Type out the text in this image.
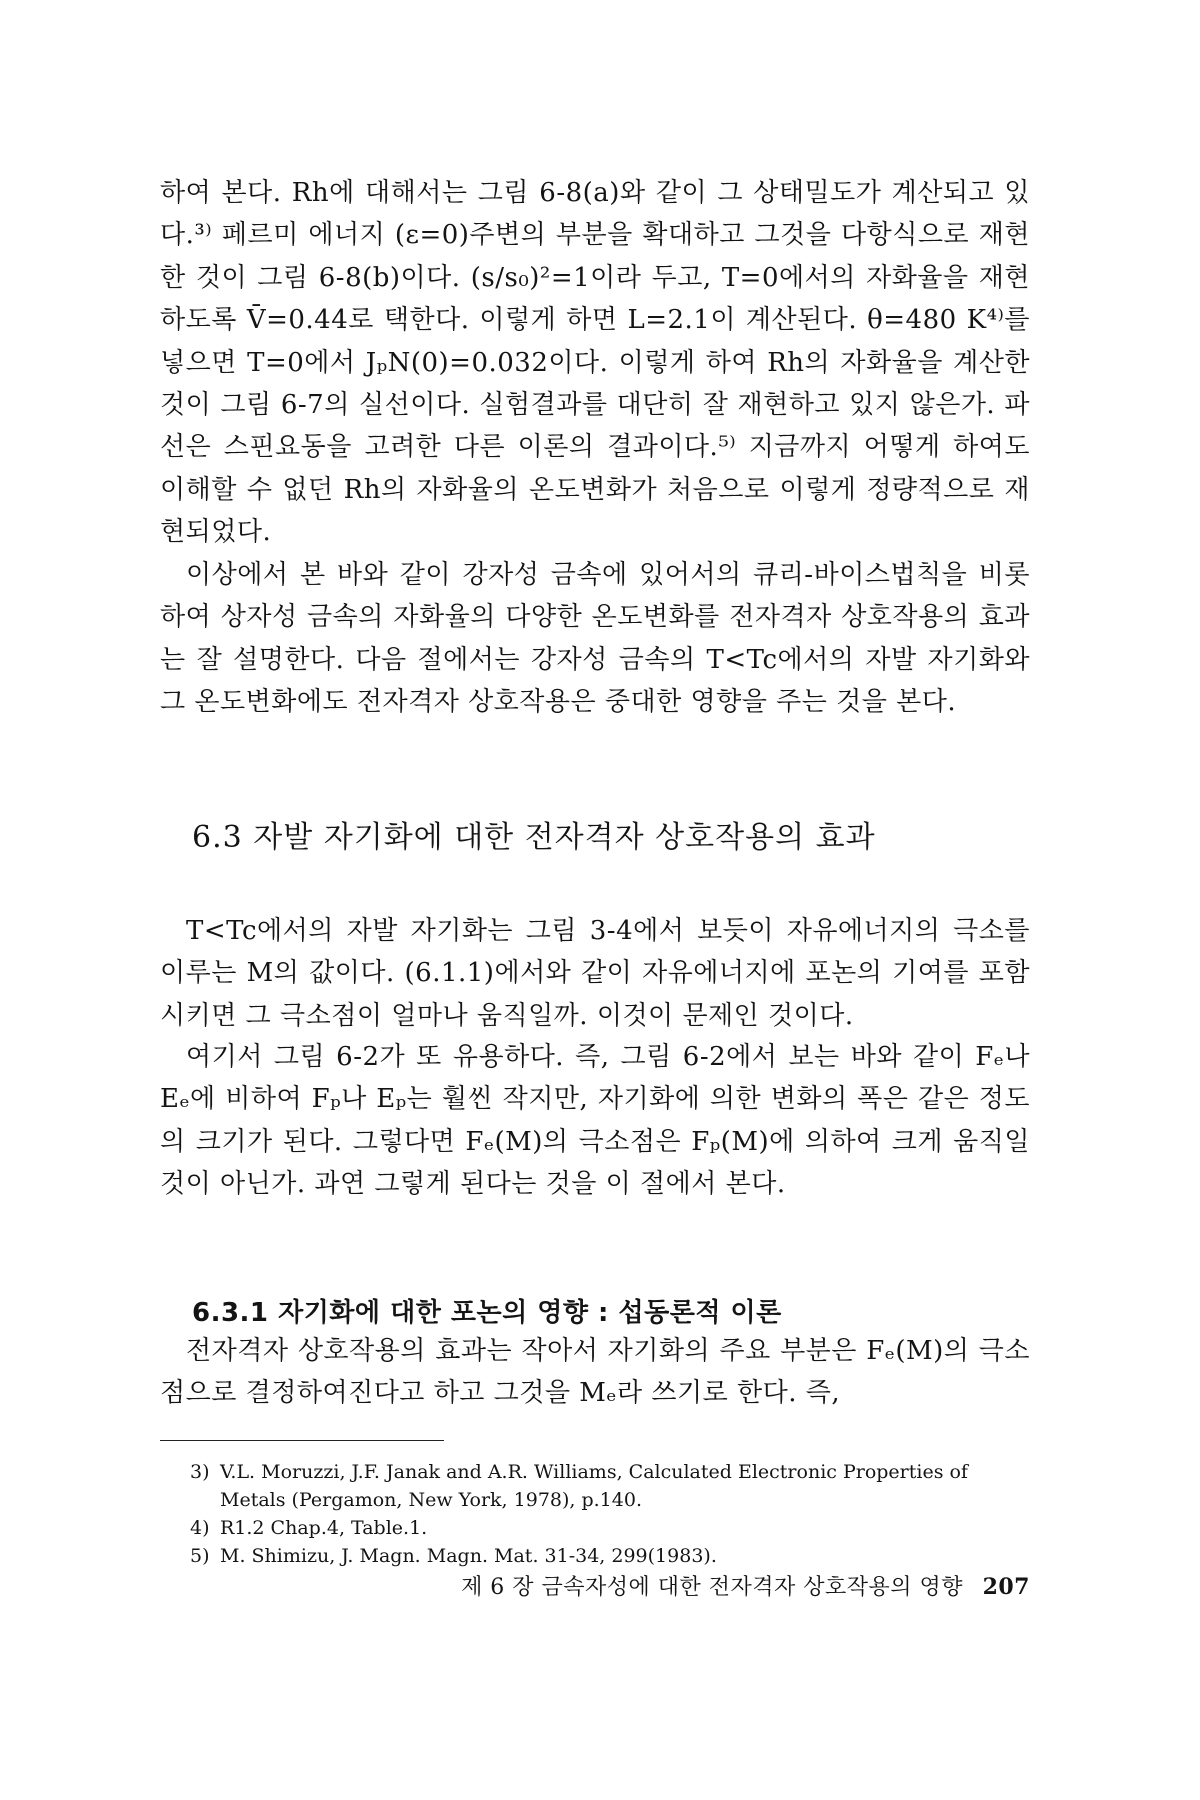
하여 본다. Rh에 대해서는 그림 6-8(a)와 같이 그 상태밀도가 계산되고 있다.³⁾ 페르미 에너지 (ε=0)주변의 부분을 확대하고 그것을 다항식으로 재현한 것이 그림 6-8(b)이다. (s/s₀)²=1이라 두고, T=0에서의 자화율을 재현하도록 V̄=0.44로 택한다. 이렇게 하면 L=2.1이 계산된다. θ=480 K⁴⁾를 넣으면 T=0에서 JₚN(0)=0.032이다. 이렇게 하여 Rh의 자화율을 계산한 것이 그림 6-7의 실선이다. 실험결과를 대단히 잘 재현하고 있지 않은가. 파선은 스핀요동을 고려한 다른 이론의 결과이다.⁵⁾ 지금까지 어떻게 하여도 이해할 수 없던 Rh의 자화율의 온도변화가 처음으로 이렇게 정량적으로 재현되었다.

이상에서 본 바와 같이 강자성 금속에 있어서의 큐리-바이스법칙을 비롯하여 상자성 금속의 자화율의 다양한 온도변화를 전자격자 상호작용의 효과는 잘 설명한다. 다음 절에서는 강자성 금속의 T<Tc에서의 자발 자기화와 그 온도변화에도 전자격자 상호작용은 중대한 영향을 주는 것을 본다.

6.3 자발 자기화에 대한 전자격자 상호작용의 효과

T<Tc에서의 자발 자기화는 그림 3-4에서 보듯이 자유에너지의 극소를 이루는 M의 값이다. (6.1.1)에서와 같이 자유에너지에 포논의 기여를 포함시키면 그 극소점이 얼마나 움직일까. 이것이 문제인 것이다.

여기서 그림 6-2가 또 유용하다. 즉, 그림 6-2에서 보는 바와 같이 Fₑ나 Eₑ에 비하여 Fₚ나 Eₚ는 훨씬 작지만, 자기화에 의한 변화의 폭은 같은 정도의 크기가 된다. 그렇다면 Fₑ(M)의 극소점은 Fₚ(M)에 의하여 크게 움직일 것이 아닌가. 과연 그렇게 된다는 것을 이 절에서 본다.

6.3.1 자기화에 대한 포논의 영향 : 섭동론적 이론

전자격자 상호작용의 효과는 작아서 자기화의 주요 부분은 Fₑ(M)의 극소점으로 결정하여진다고 하고 그것을 Mₑ라 쓰기로 한다. 즉,

3) V.L. Moruzzi, J.F. Janak and A.R. Williams, Calculated Electronic Properties of Metals (Pergamon, New York, 1978), p.140.
4) R1.2 Chap.4, Table.1.
5) M. Shimizu, J. Magn. Magn. Mat. 31-34, 299(1983).
제 6 장 금속자성에 대한 전자격자 상호작용의 영향 207
